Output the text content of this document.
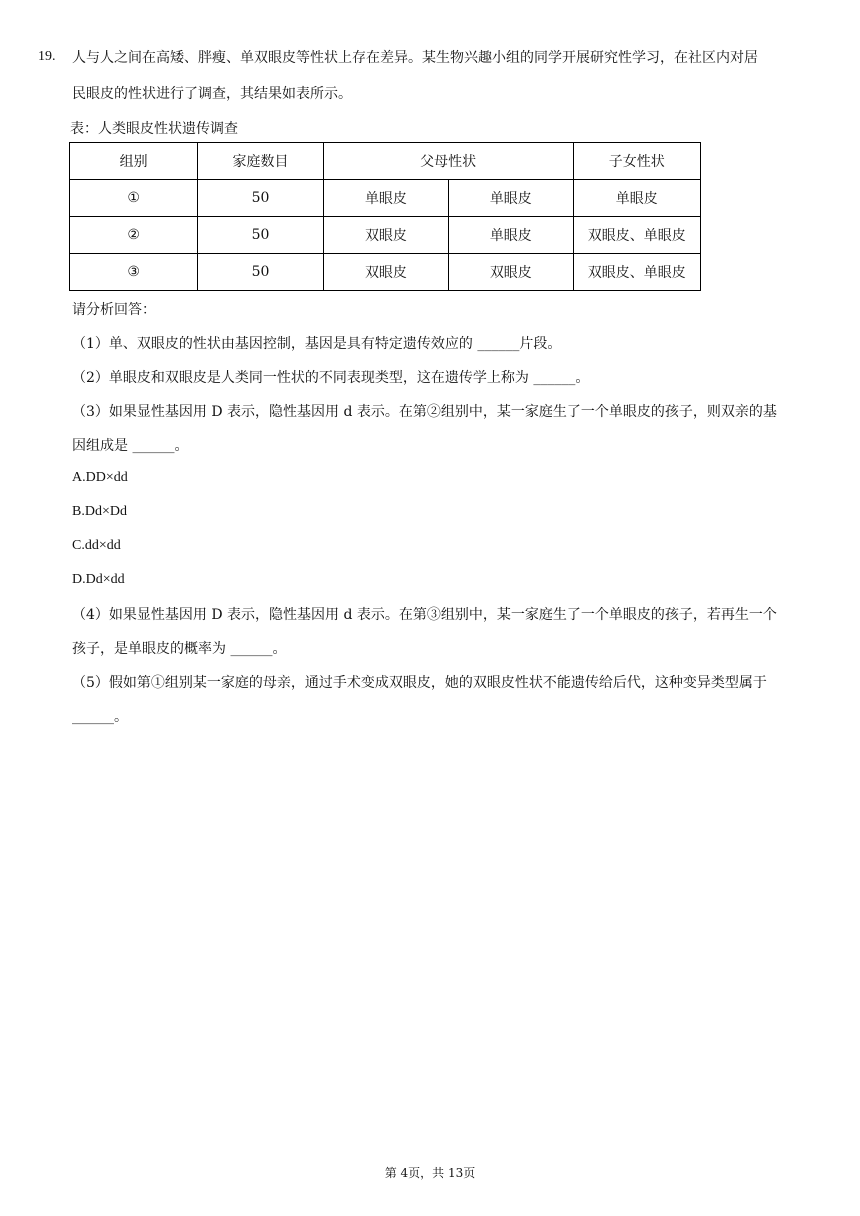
19. 人与人之间在高矮、胖瘦、单双眼皮等性状上存在差异。某生物兴趣小组的同学开展研究性学习，在社区内对居
民眼皮的性状进行了调查，其结果如表所示。
表：人类眼皮性状遗传调查
组别	家庭数目	父母性状		子女性状
①	50	单眼皮	单眼皮	单眼皮
②	50	双眼皮	单眼皮	双眼皮、单眼皮
③	50	双眼皮	双眼皮	双眼皮、单眼皮
请分析回答：
（1）单、双眼皮的性状由基因控制，基因是具有特定遗传效应的 ______片段。
（2）单眼皮和双眼皮是人类同一性状的不同表现类型，这在遗传学上称为 ______。
（3）如果显性基因用 D 表示，隐性基因用 d 表示。在第②组别中，某一家庭生了一个单眼皮的孩子，则双亲的基
因组成是 ______。
A.DD×dd
B.Dd×Dd
C.dd×dd
D.Dd×dd
（4）如果显性基因用 D 表示，隐性基因用 d 表示。在第③组别中，某一家庭生了一个单眼皮的孩子，若再生一个
孩子，是单眼皮的概率为 ______。
（5）假如第①组别某一家庭的母亲，通过手术变成双眼皮，她的双眼皮性状不能遗传给后代，这种变异类型属于
______。
第 4页，共 13页
